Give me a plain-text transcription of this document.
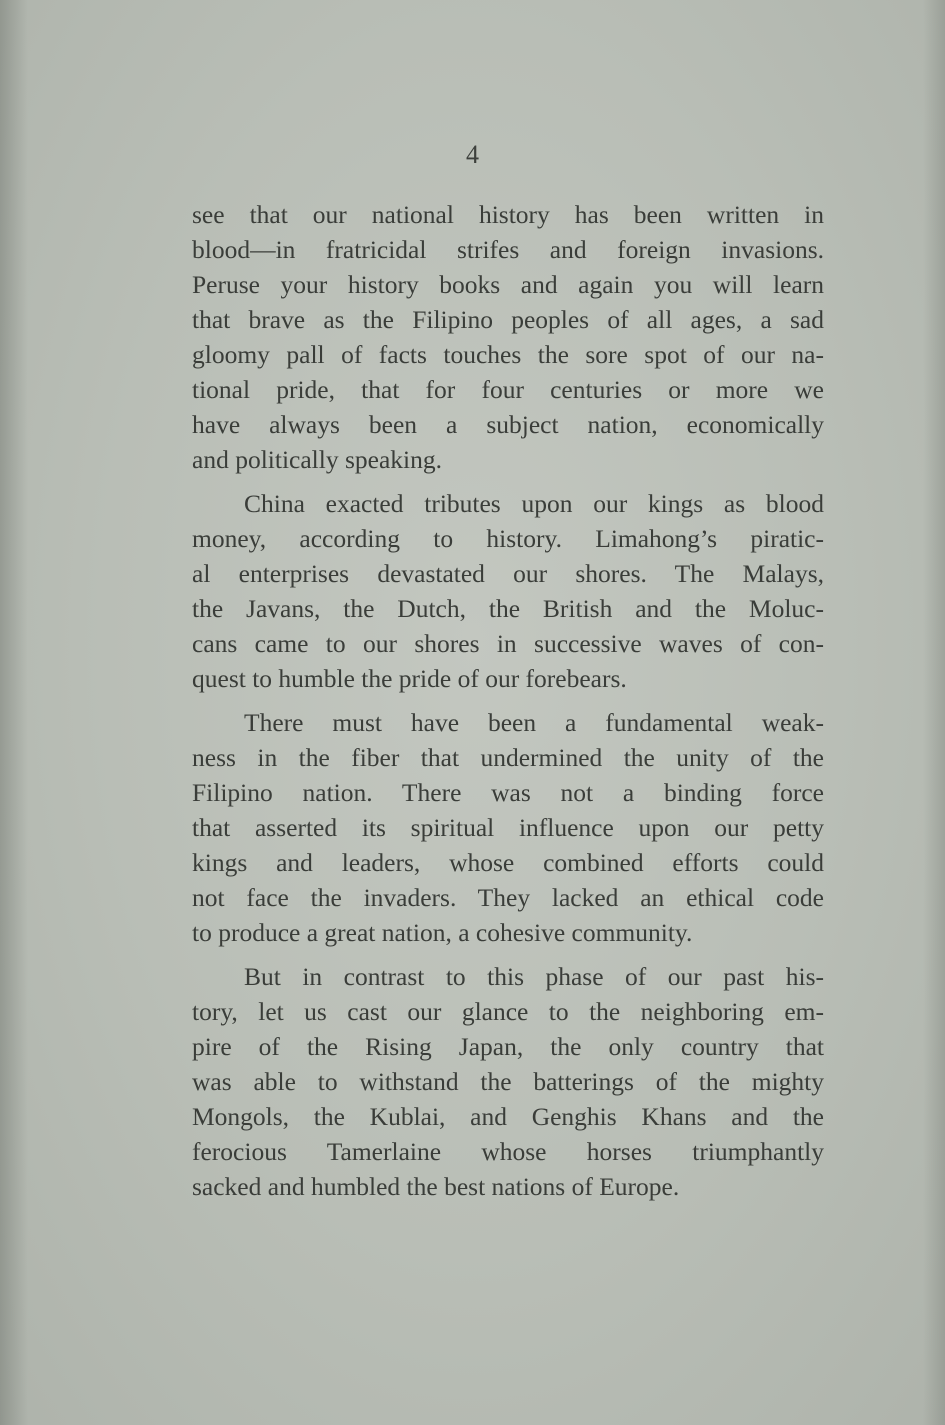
4

see that our national history has been written in
blood—in fratricidal strifes and foreign invasions.
Peruse your history books and again you will learn
that brave as the Filipino peoples of all ages, a sad
gloomy pall of facts touches the sore spot of our na-
tional pride, that for four centuries or more we
have always been a subject nation, economically
and politically speaking.

China exacted tributes upon our kings as blood
money, according to history. Limahong’s piratic-
al enterprises devastated our shores. The Malays,
the Javans, the Dutch, the British and the Moluc-
cans came to our shores in successive waves of con-
quest to humble the pride of our forebears.

There must have been a fundamental weak-
ness in the fiber that undermined the unity of the
Filipino nation. There was not a binding force
that asserted its spiritual influence upon our petty
kings and leaders, whose combined efforts could
not face the invaders. They lacked an ethical code
to produce a great nation, a cohesive community.

But in contrast to this phase of our past his-
tory, let us cast our glance to the neighboring em-
pire of the Rising Japan, the only country that
was able to withstand the batterings of the mighty
Mongols, the Kublai, and Genghis Khans and the
ferocious Tamerlaine whose horses triumphantly
sacked and humbled the best nations of Europe.
